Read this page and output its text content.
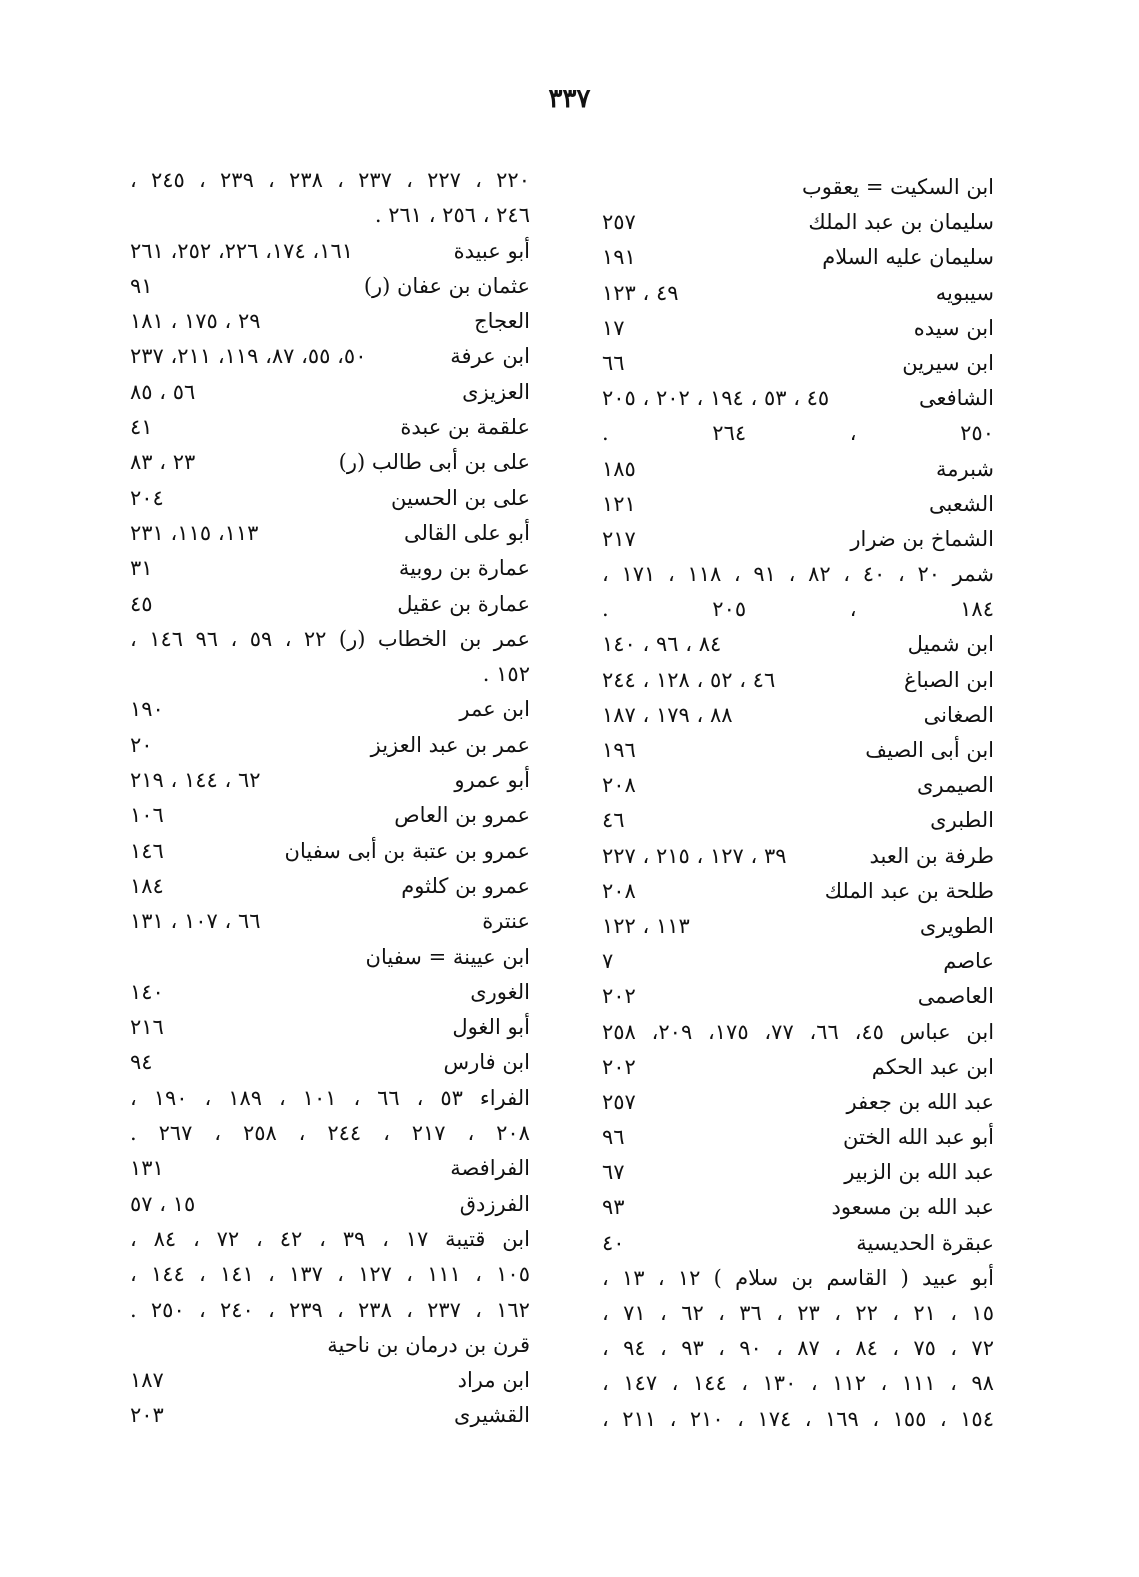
٣٣٧
ابن السكيت = يعقوب
سليمان بن عبد الملك
٢٥٧
سليمان عليه السلام
١٩١
سيبويه
٤٩ ، ١٢٣
ابن سيده
١٧
ابن سيرين
٦٦
الشافعى
٤٥ ، ٥٣ ، ١٩٤ ، ٢٠٢ ، ٢٠٥
٢٥٠ ، ٢٦٤ .
شبرمة
١٨٥
الشعبى
١٢١
الشماخ بن ضرار
٢١٧
شمر ٢٠ ، ٤٠ ، ٨٢ ، ٩١ ، ١١٨ ، ١٧١ ،
١٨٤ ، ٢٠٥ .
ابن شميل
٨٤ ، ٩٦ ، ١٤٠
ابن الصباغ
٤٦ ، ٥٢ ، ١٢٨ ، ٢٤٤
الصغانى
٨٨ ، ١٧٩ ، ١٨٧
ابن أبى الصيف
١٩٦
الصيمرى
٢٠٨
الطبرى
٤٦
طرفة بن العبد
٣٩ ، ١٢٧ ، ٢١٥ ، ٢٢٧
طلحة بن عبد الملك
٢٠٨
الطويرى
١١٣ ، ١٢٢
عاصم
٧
العاصمى
٢٠٢
ابن عباس ٤٥، ٦٦، ٧٧، ١٧٥، ٢٠٩، ٢٥٨
ابن عبد الحكم
٢٠٢
عبد الله بن جعفر
٢٥٧
أبو عبد الله الختن
٩٦
عبد الله بن الزبير
٦٧
عبد الله بن مسعود
٩٣
عبقرة الحديسية
٤٠
أبو عبيد ( القاسم بن سلام ) ١٢ ، ١٣ ،
١٥ ، ٢١ ، ٢٢ ، ٢٣ ، ٣٦ ، ٦٢ ، ٧١ ،
٧٢ ، ٧٥ ، ٨٤ ، ٨٧ ، ٩٠ ، ٩٣ ، ٩٤ ،
٩٨ ، ١١١ ، ١١٢ ، ١٣٠ ، ١٤٤ ، ١٤٧ ،
١٥٤ ، ١٥٥ ، ١٦٩ ، ١٧٤ ، ٢١٠ ، ٢١١ ،
٢٢٠ ، ٢٢٧ ، ٢٣٧ ، ٢٣٨ ، ٢٣٩ ، ٢٤٥ ،
٢٤٦ ، ٢٥٦ ، ٢٦١ .
أبو عبيدة
١٦١، ١٧٤، ٢٢٦، ٢٥٢، ٢٦١
عثمان بن عفان (ر)
٩١
العجاج
٢٩ ، ١٧٥ ، ١٨١
ابن عرفة
٥٠، ٥٥، ٨٧، ١١٩، ٢١١، ٢٣٧
العزيزى
٥٦ ، ٨٥
علقمة بن عبدة
٤١
على بن أبى طالب (ر)
٢٣ ، ٨٣
على بن الحسين
٢٠٤
أبو على القالى
١١٣، ١١٥، ٢٣١
عمارة بن روبية
٣١
عمارة بن عقيل
٤٥
عمر بن الخطاب (ر) ٢٢ ، ٥٩ ، ٩٦ ١٤٦ ،
١٥٢ .
ابن عمر
١٩٠
عمر بن عبد العزيز
٢٠
أبو عمرو
٦٢ ، ١٤٤ ، ٢١٩
عمرو بن العاص
١٠٦
عمرو بن عتبة بن أبى سفيان
١٤٦
عمرو بن كلثوم
١٨٤
عنترة
٦٦ ، ١٠٧ ، ١٣١
ابن عيينة = سفيان
الغورى
١٤٠
أبو الغول
٢١٦
ابن فارس
٩٤
الفراء ٥٣ ، ٦٦ ، ١٠١ ، ١٨٩ ، ١٩٠ ،
٢٠٨ ، ٢١٧ ، ٢٤٤ ، ٢٥٨ ، ٢٦٧ .
الفرافصة
١٣١
الفرزدق
١٥ ، ٥٧
ابن قتيبة ١٧ ، ٣٩ ، ٤٢ ، ٧٢ ، ٨٤ ،
١٠٥ ، ١١١ ، ١٢٧ ، ١٣٧ ، ١٤١ ، ١٤٤ ،
١٦٢ ، ٢٣٧ ، ٢٣٨ ، ٢٣٩ ، ٢٤٠ ، ٢٥٠ .
قرن بن درمان بن ناحية
ابن مراد
١٨٧
القشيرى
٢٠٣
